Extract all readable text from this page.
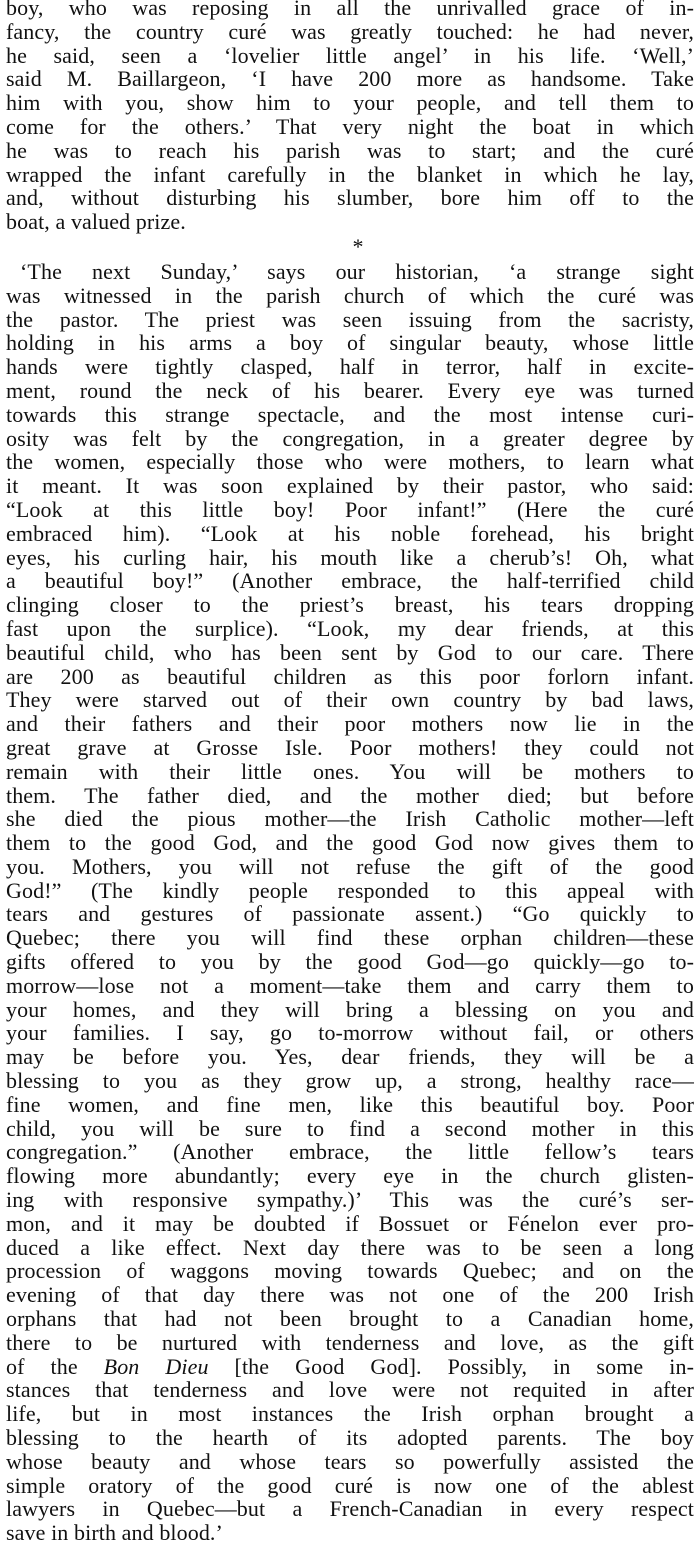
boy, who was reposing in all the unrivalled grace of in-
fancy, the country curé was greatly touched: he had never,
he said, seen a ‘lovelier little angel’ in his life. ‘Well,’
said M. Baillargeon, ‘I have 200 more as handsome. Take
him with you, show him to your people, and tell them to
come for the others.’ That very night the boat in which
he was to reach his parish was to start; and the curé
wrapped the infant carefully in the blanket in which he lay,
and, without disturbing his slumber, bore him off to the
boat, a valued prize.
*
‘The next Sunday,’ says our historian, ‘a strange sight
was witnessed in the parish church of which the curé was
the pastor. The priest was seen issuing from the sacristy,
holding in his arms a boy of singular beauty, whose little
hands were tightly clasped, half in terror, half in excite-
ment, round the neck of his bearer. Every eye was turned
towards this strange spectacle, and the most intense curi-
osity was felt by the congregation, in a greater degree by
the women, especially those who were mothers, to learn what
it meant. It was soon explained by their pastor, who said:
“Look at this little boy! Poor infant!” (Here the curé
embraced him). “Look at his noble forehead, his bright
eyes, his curling hair, his mouth like a cherub’s! Oh, what
a beautiful boy!” (Another embrace, the half-terrified child
clinging closer to the priest’s breast, his tears dropping
fast upon the surplice). “Look, my dear friends, at this
beautiful child, who has been sent by God to our care. There
are 200 as beautiful children as this poor forlorn infant.
They were starved out of their own country by bad laws,
and their fathers and their poor mothers now lie in the
great grave at Grosse Isle. Poor mothers! they could not
remain with their little ones. You will be mothers to
them. The father died, and the mother died; but before
she died the pious mother—the Irish Catholic mother—left
them to the good God, and the good God now gives them to
you. Mothers, you will not refuse the gift of the good
God!” (The kindly people responded to this appeal with
tears and gestures of passionate assent.) “Go quickly to
Quebec; there you will find these orphan children—these
gifts offered to you by the good God—go quickly—go to-
morrow—lose not a moment—take them and carry them to
your homes, and they will bring a blessing on you and
your families. I say, go to-morrow without fail, or others
may be before you. Yes, dear friends, they will be a
blessing to you as they grow up, a strong, healthy race—
fine women, and fine men, like this beautiful boy. Poor
child, you will be sure to find a second mother in this
congregation.” (Another embrace, the little fellow’s tears
flowing more abundantly; every eye in the church glisten-
ing with responsive sympathy.)’ This was the curé’s ser-
mon, and it may be doubted if Bossuet or Fénelon ever pro-
duced a like effect. Next day there was to be seen a long
procession of waggons moving towards Quebec; and on the
evening of that day there was not one of the 200 Irish
orphans that had not been brought to a Canadian home,
there to be nurtured with tenderness and love, as the gift
of the Bon Dieu [the Good God]. Possibly, in some in-
stances that tenderness and love were not requited in after
life, but in most instances the Irish orphan brought a
blessing to the hearth of its adopted parents. The boy
whose beauty and whose tears so powerfully assisted the
simple oratory of the good curé is now one of the ablest
lawyers in Quebec—but a French-Canadian in every respect
save in birth and blood.’
